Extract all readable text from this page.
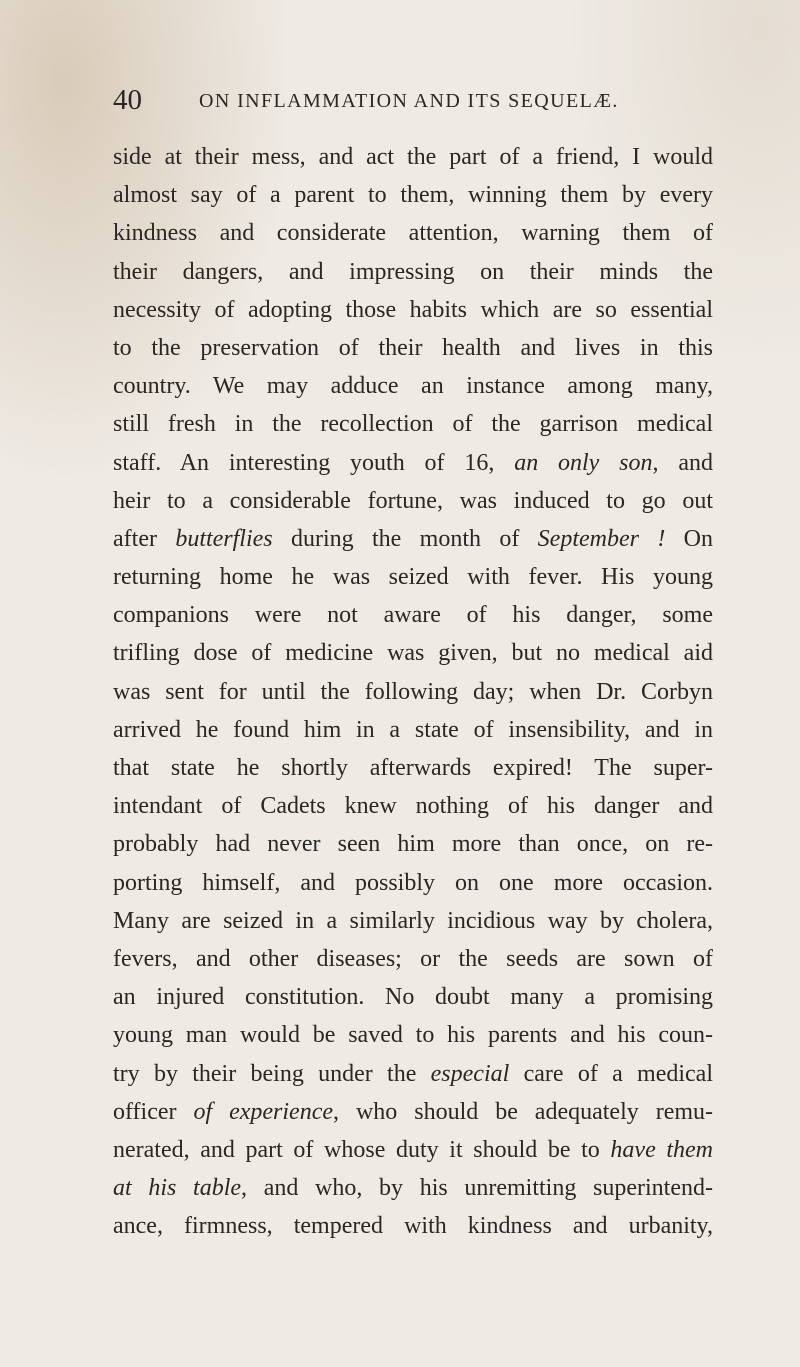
40	ON INFLAMMATION AND ITS SEQUELÆ.
side at their mess, and act the part of a friend, I would
almost say of a parent to them, winning them by every
kindness and considerate attention, warning them of
their dangers, and impressing on their minds the
necessity of adopting those habits which are so essential
to the preservation of their health and lives in this
country. We may adduce an instance among many,
still fresh in the recollection of the garrison medical
staff. An interesting youth of 16, an only son, and
heir to a considerable fortune, was induced to go out
after butterflies during the month of September ! On
returning home he was seized with fever. His young
companions were not aware of his danger, some
trifling dose of medicine was given, but no medical aid
was sent for until the following day; when Dr. Corbyn
arrived he found him in a state of insensibility, and in
that state he shortly afterwards expired! The super-
intendant of Cadets knew nothing of his danger and
probably had never seen him more than once, on re-
porting himself, and possibly on one more occasion.
Many are seized in a similarly incidious way by cholera,
fevers, and other diseases; or the seeds are sown of
an injured constitution. No doubt many a promising
young man would be saved to his parents and his coun-
try by their being under the especial care of a medical
officer of experience, who should be adequately remu-
nerated, and part of whose duty it should be to have them
at his table, and who, by his unremitting superintend-
ance, firmness, tempered with kindness and urbanity,
